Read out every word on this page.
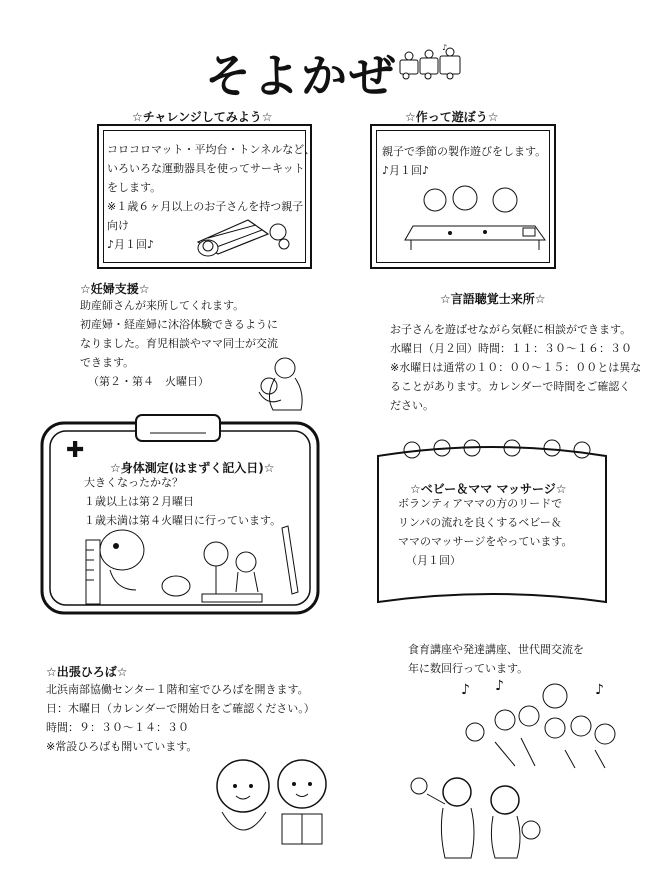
そよかぜ
♪
☆チャレンジしてみよう☆
コロコロマット・平均台・トンネルなど、
いろいろな運動器具を使ってサーキット
をします。
※１歳６ヶ月以上のお子さんを持つ親子
向け
♪月１回♪
☆作って遊ぼう☆
親子で季節の製作遊びをします。
♪月１回♪
☆妊婦支援☆
助産師さんが来所してくれます。
初産婦・経産婦に沐浴体験できるように
なりました。育児相談やママ同士が交流
できます。
（第２・第４　火曜日）
☆言語聴覚士来所☆
お子さんを遊ばせながら気軽に相談ができます。
水曜日（月２回）時間：１１：３０～１６：３０
※水曜日は通常の１０：００～１５：００とは異な
ることがあります。カレンダーで時間をご確認く
ださい。
✚
☆身体測定(はまずく記入日)☆
大きくなったかな？
１歳以上は第２月曜日
１歳未満は第４火曜日に行っています。
☆ベビー＆ママ マッサージ☆
ボランティアママの方のリードで
リンパの流れを良くするベビー＆
ママのマッサージをやっています。
（月１回）
☆出張ひろば☆
北浜南部協働センター１階和室でひろばを開きます。
日：木曜日（カレンダーで開始日をご確認ください。）
時間：９：３０～１４：３０
※常設ひろばも開いています。
食育講座や発達講座、世代間交流を
年に数回行っています。
♪ ♪	♪
